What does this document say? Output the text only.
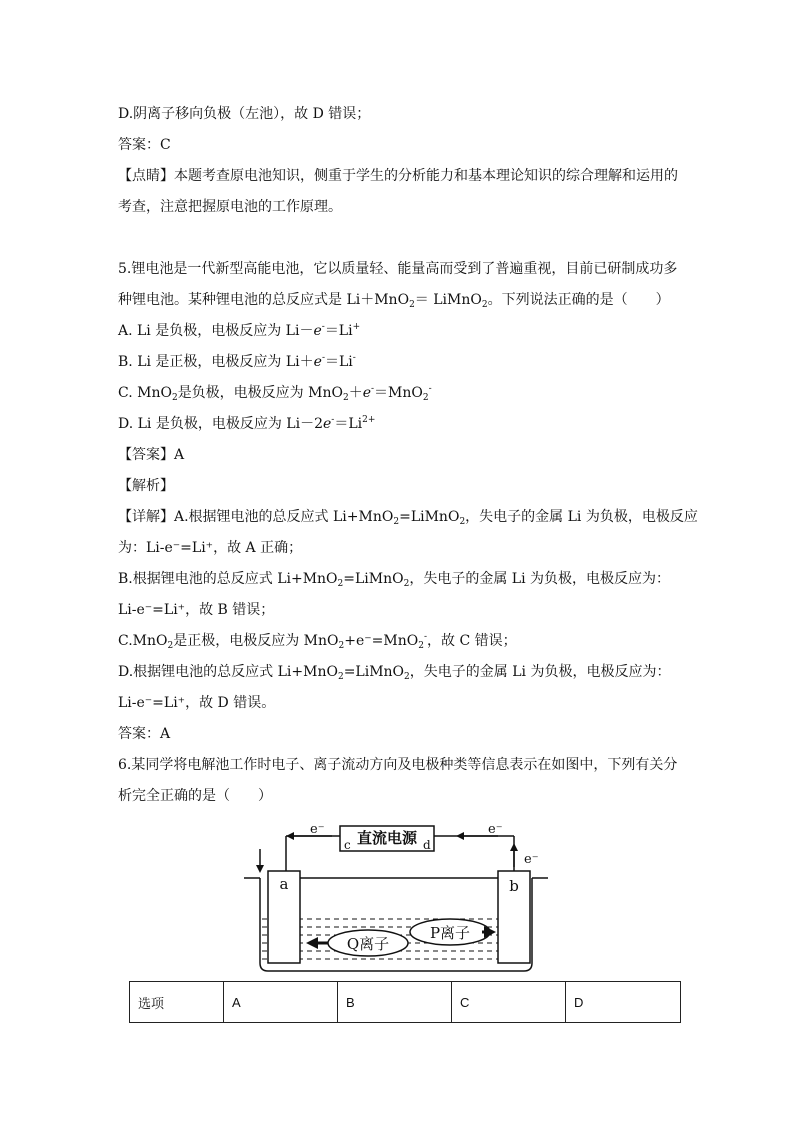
D.阴离子移向负极（左池），故 D 错误；
答案：C
【点睛】本题考查原电池知识，侧重于学生的分析能力和基本理论知识的综合理解和运用的
考查，注意把握原电池的工作原理。
5.锂电池是一代新型高能电池，它以质量轻、能量高而受到了普遍重视，目前已研制成功多
种锂电池。某种锂电池的总反应式是 Li＋MnO$_2$＝ LiMnO$_2$。下列说法正确的是（　　）
A. Li 是负极，电极反应为 Li－e-＝Li+
B. Li 是正极，电极反应为 Li＋e-＝Li-
C. MnO$_2$是负极，电极反应为 MnO$_2$＋e-＝MnO$_2$-
D. Li 是负极，电极反应为 $Li-2e^-=Li^{2+}$
【答案】A
【解析】
【详解】A.根据锂电池的总反应式 Li+MnO$_2$=LiMnO$_2$，失电子的金属 Li 为负极，电极反应
为：Li-e⁻=Li⁺，故 A 正确；
B.根据锂电池的总反应式 Li+MnO$_2$=LiMnO$_2$，失电子的金属 Li 为负极，电极反应为：
Li-e⁻=Li⁺，故 B 错误；
C.MnO$_2$是正极，电极反应为 MnO$_2$+e⁻=MnO$_2$-，故 C 错误；
D.根据锂电池的总反应式 Li+MnO$_2$=LiMnO$_2$，失电子的金属 Li 为负极，电极反应为：
Li-e⁻=Li⁺，故 D 错误。
答案：A
6.某同学将电解池工作时电子、离子流动方向及电极种类等信息表示在如图中，下列有关分
析完全正确的是（　　）
直流电源
c	d
e⁻	e⁻
e⁻
a	b
Q离子
P离子
选项	A	B	C	D
